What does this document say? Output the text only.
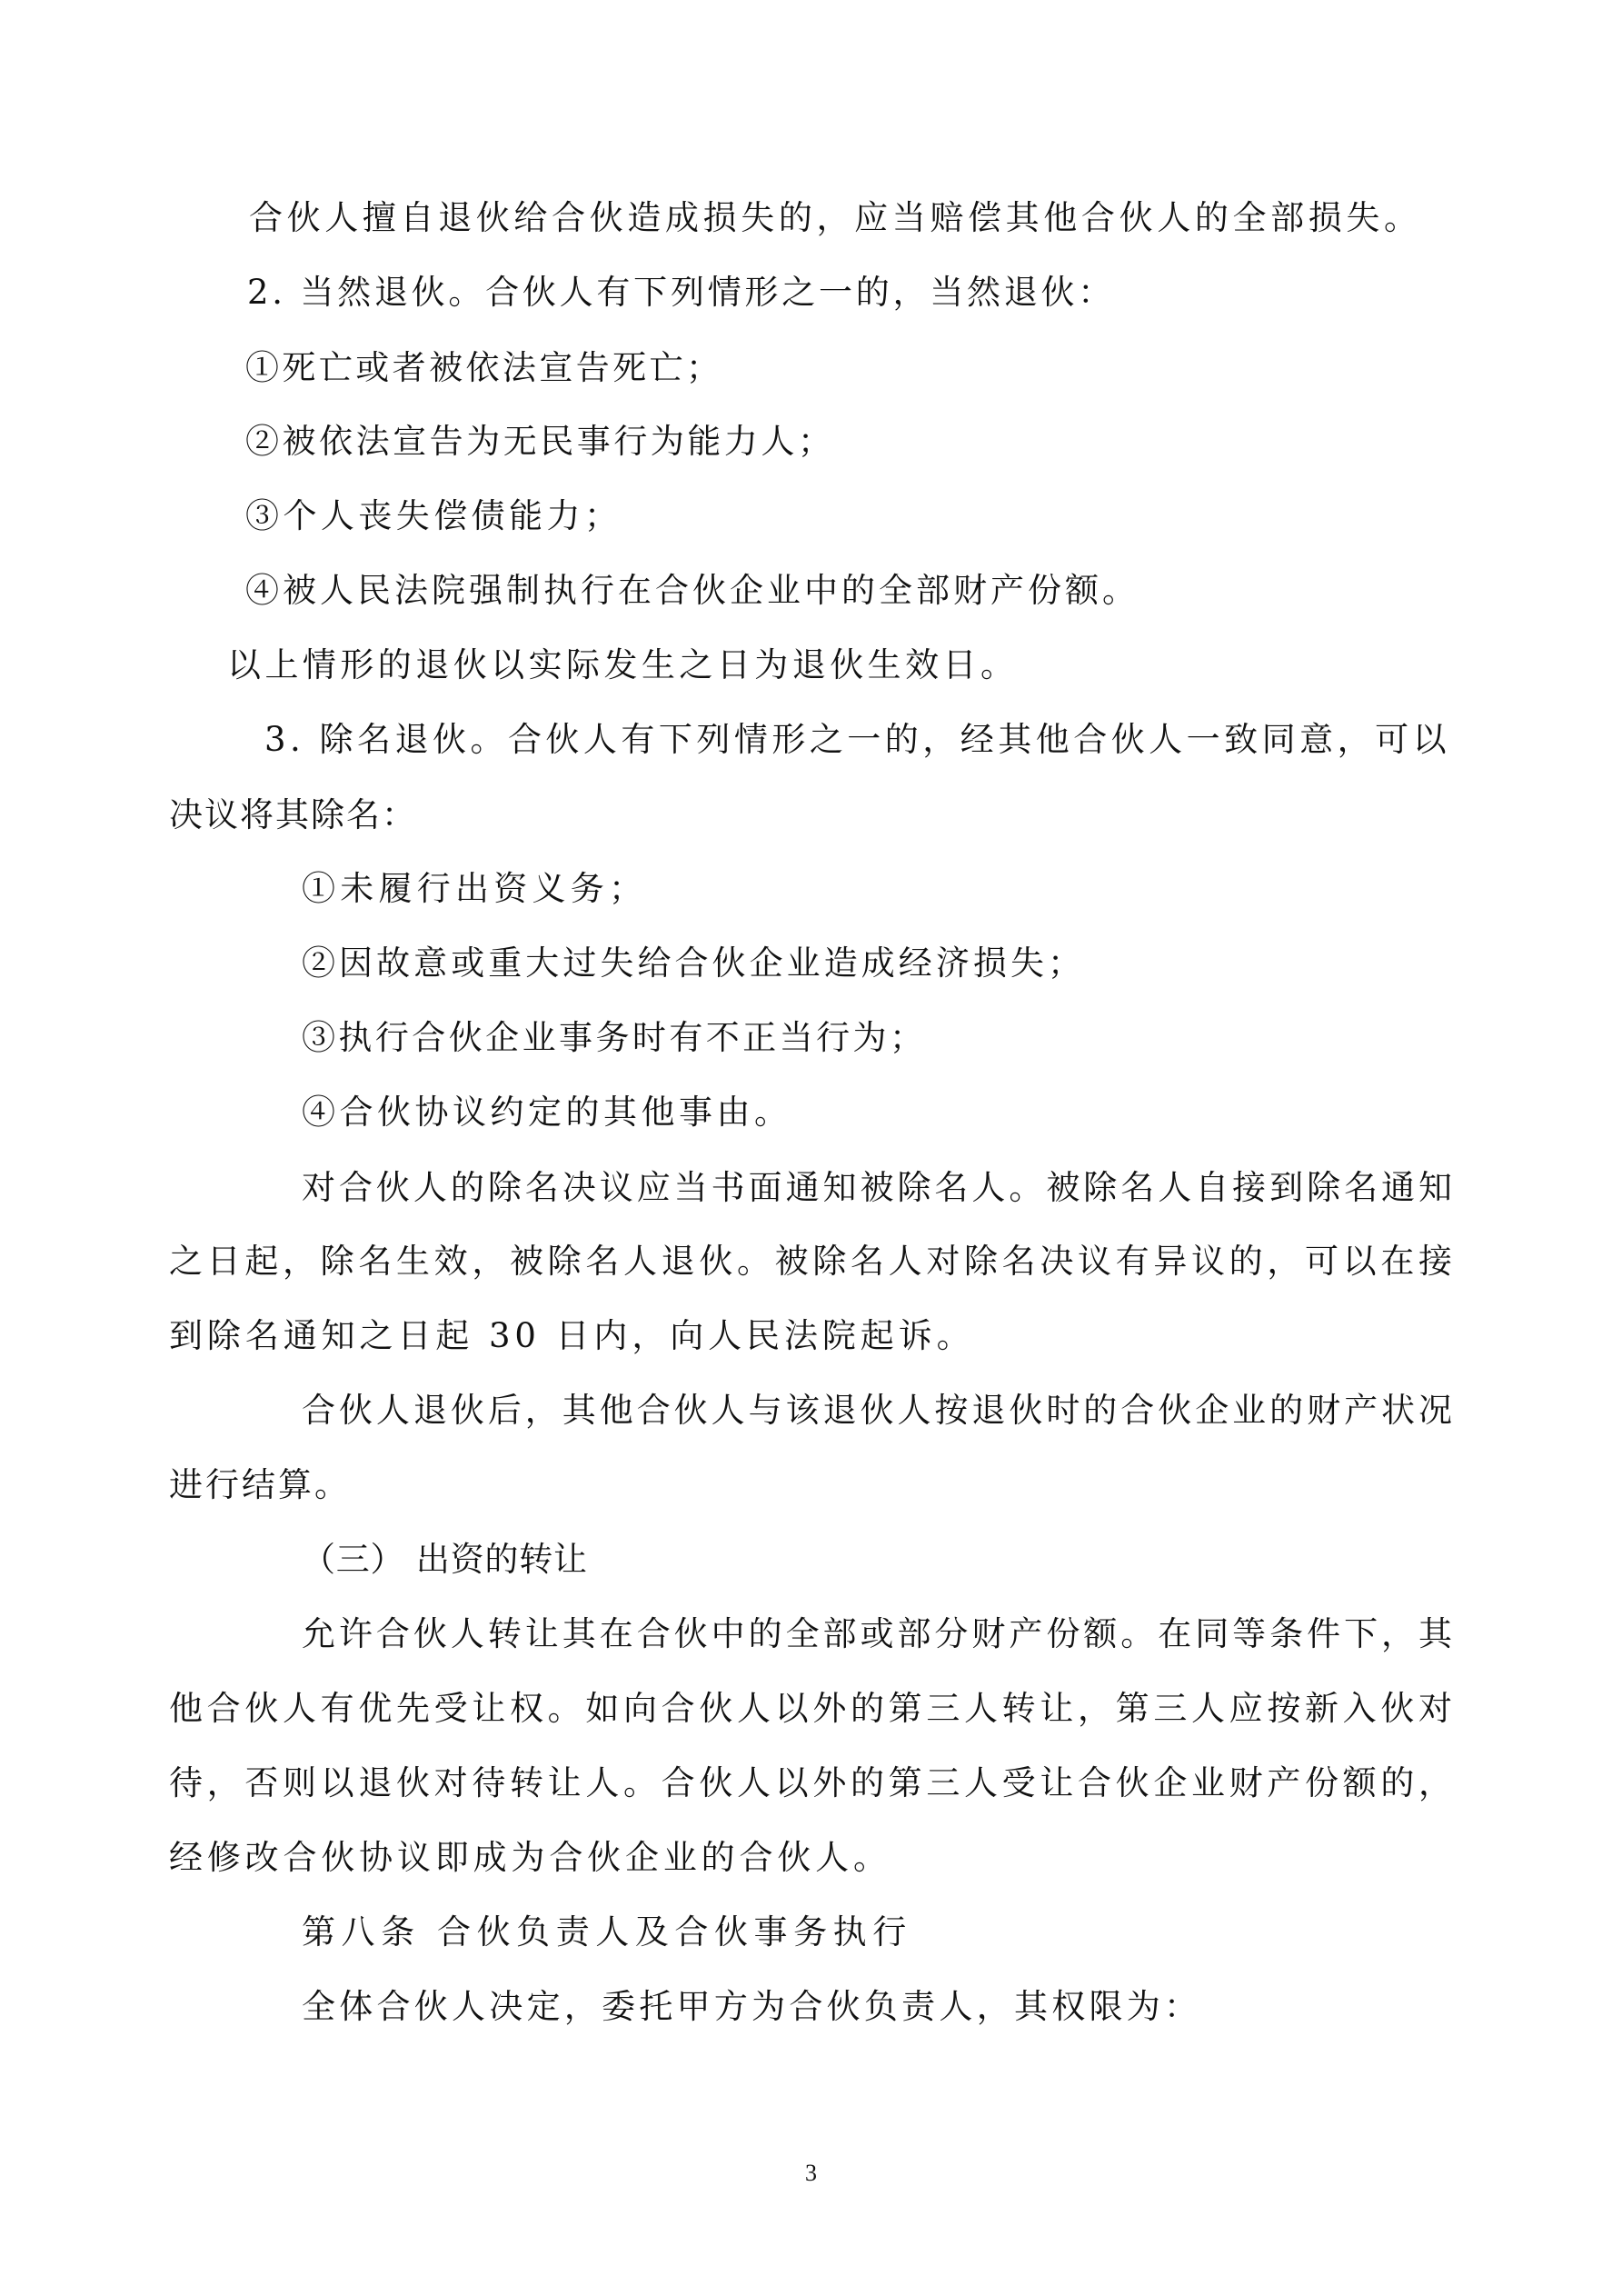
合伙人擅自退伙给合伙造成损失的，应当赔偿其他合伙人的全部损失。
2. 当然退伙。合伙人有下列情形之一的，当然退伙：
①死亡或者被依法宣告死亡；
②被依法宣告为无民事行为能力人；
③个人丧失偿债能力；
④被人民法院强制执行在合伙企业中的全部财产份额。
以上情形的退伙以实际发生之日为退伙生效日。
3. 除名退伙。合伙人有下列情形之一的，经其他合伙人一致同意，可以
决议将其除名：
①未履行出资义务；
②因故意或重大过失给合伙企业造成经济损失；
③执行合伙企业事务时有不正当行为；
④合伙协议约定的其他事由。
对合伙人的除名决议应当书面通知被除名人。被除名人自接到除名通知
之日起，除名生效，被除名人退伙。被除名人对除名决议有异议的，可以在接
到除名通知之日起 30 日内，向人民法院起诉。
合伙人退伙后，其他合伙人与该退伙人按退伙时的合伙企业的财产状况
进行结算。
（三） 出资的转让
允许合伙人转让其在合伙中的全部或部分财产份额。在同等条件下，其
他合伙人有优先受让权。如向合伙人以外的第三人转让，第三人应按新入伙对
待，否则以退伙对待转让人。合伙人以外的第三人受让合伙企业财产份额的，
经修改合伙协议即成为合伙企业的合伙人。
第八条 合伙负责人及合伙事务执行
全体合伙人决定，委托甲方为合伙负责人，其权限为：
3
